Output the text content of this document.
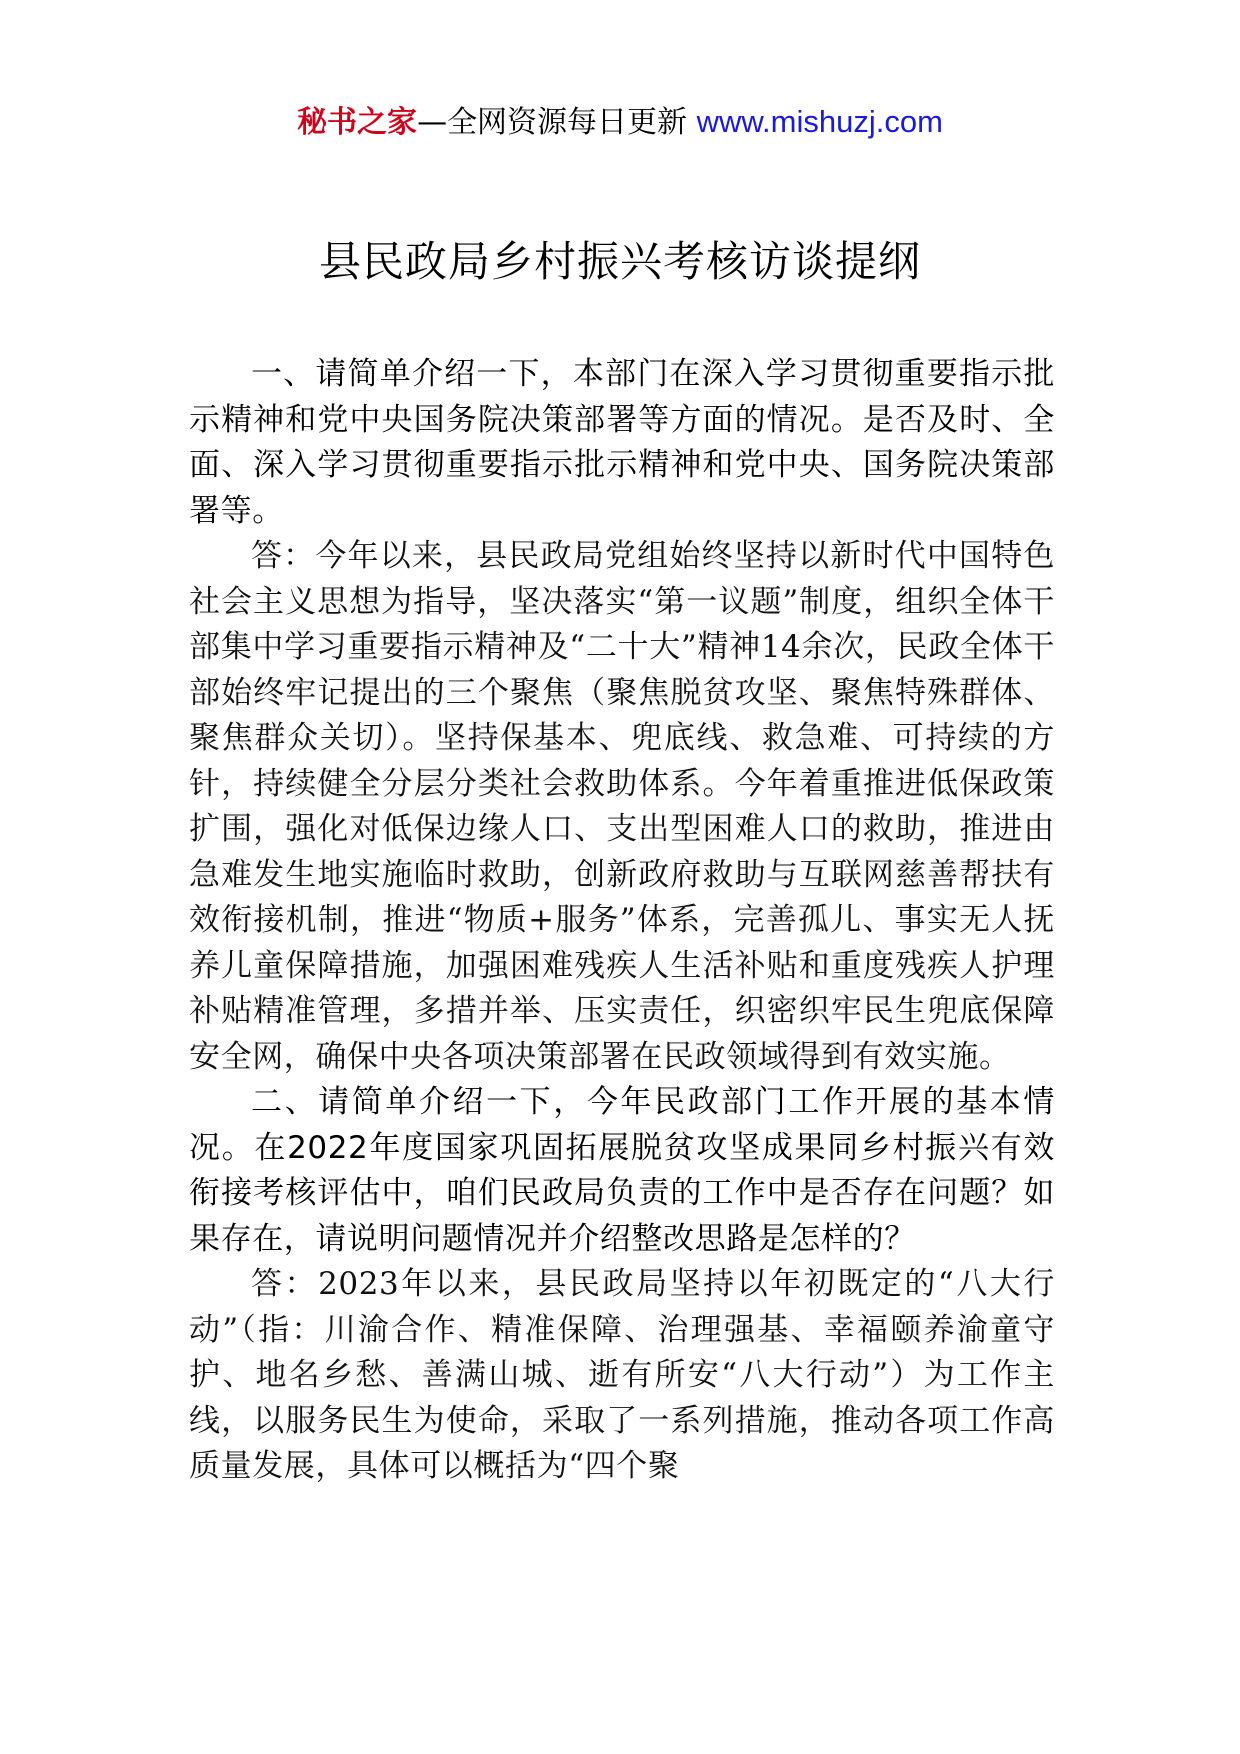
秘书之家—全网资源每日更新 www.mishuzj.com
县民政局乡村振兴考核访谈提纲

一、请简单介绍一下，本部门在深入学习贯彻重要指示批示精神和党中央国务院决策部署等方面的情况。是否及时、全面、深入学习贯彻重要指示批示精神和党中央、国务院决策部署等。

答：今年以来，县民政局党组始终坚持以新时代中国特色社会主义思想为指导，坚决落实“第一议题”制度，组织全体干部集中学习重要指示精神及“二十大”精神14余次，民政全体干部始终牢记提出的三个聚焦（聚焦脱贫攻坚、聚焦特殊群体、聚焦群众关切）。坚持保基本、兜底线、救急难、可持续的方针，持续健全分层分类社会救助体系。今年着重推进低保政策扩围，强化对低保边缘人口、支出型困难人口的救助，推进由急难发生地实施临时救助，创新政府救助与互联网慈善帮扶有效衔接机制，推进“物质+服务”体系，完善孤儿、事实无人抚养儿童保障措施，加强困难残疾人生活补贴和重度残疾人护理补贴精准管理，多措并举、压实责任，织密织牢民生兜底保障安全网，确保中央各项决策部署在民政领域得到有效实施。

二、请简单介绍一下，今年民政部门工作开展的基本情况。在2022年度国家巩固拓展脱贫攻坚成果同乡村振兴有效衔接考核评估中，咱们民政局负责的工作中是否存在问题？如果存在，请说明问题情况并介绍整改思路是怎样的？

答：2023年以来，县民政局坚持以年初既定的“八大行动”（指：川渝合作、精准保障、治理强基、幸福颐养渝童守护、地名乡愁、善满山城、逝有所安“八大行动”）为工作主线，以服务民生为使命，采取了一系列措施，推动各项工作高质量发展，具体可以概括为“四个聚
